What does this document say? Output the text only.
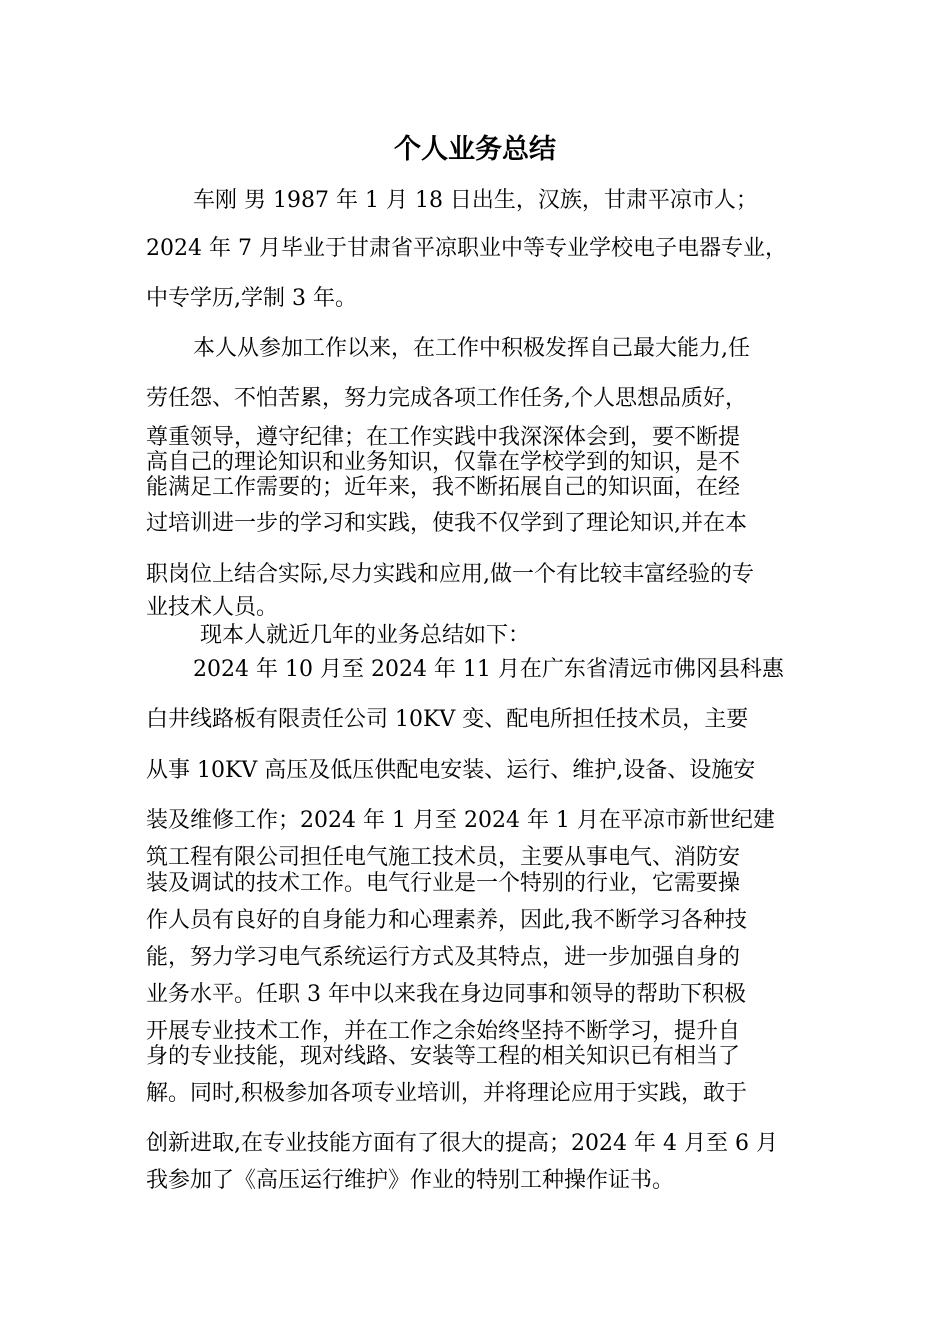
个人业务总结
车刚 男 1987 年 1 月 18 日出生，汉族，甘肃平凉市人；
2024 年 7 月毕业于甘肃省平凉职业中等专业学校电子电器专业，
中专学历,学制 3 年。
本人从参加工作以来，在工作中积极发挥自己最大能力,任
劳任怨、不怕苦累，努力完成各项工作任务,个人思想品质好，
尊重领导，遵守纪律；在工作实践中我深深体会到，要不断提
高自己的理论知识和业务知识，仅靠在学校学到的知识，是不
能满足工作需要的；近年来，我不断拓展自己的知识面，在经
过培训进一步的学习和实践，使我不仅学到了理论知识,并在本
职岗位上结合实际,尽力实践和应用,做一个有比较丰富经验的专
业技术人员。
现本人就近几年的业务总结如下：
2024 年 10 月至 2024 年 11 月在广东省清远市佛冈县科惠
白井线路板有限责任公司 10KV 变、配电所担任技术员，主要
从事 10KV 高压及低压供配电安装、运行、维护,设备、设施安
装及维修工作；2024 年 1 月至 2024 年 1 月在平凉市新世纪建
筑工程有限公司担任电气施工技术员，主要从事电气、消防安
装及调试的技术工作。电气行业是一个特别的行业，它需要操
作人员有良好的自身能力和心理素养，因此,我不断学习各种技
能，努力学习电气系统运行方式及其特点，进一步加强自身的
业务水平。任职 3 年中以来我在身边同事和领导的帮助下积极
开展专业技术工作，并在工作之余始终坚持不断学习，提升自
身的专业技能，现对线路、安装等工程的相关知识已有相当了
解。同时,积极参加各项专业培训，并将理论应用于实践，敢于
创新进取,在专业技能方面有了很大的提高；2024 年 4 月至 6 月
我参加了《高压运行维护》作业的特别工种操作证书。
